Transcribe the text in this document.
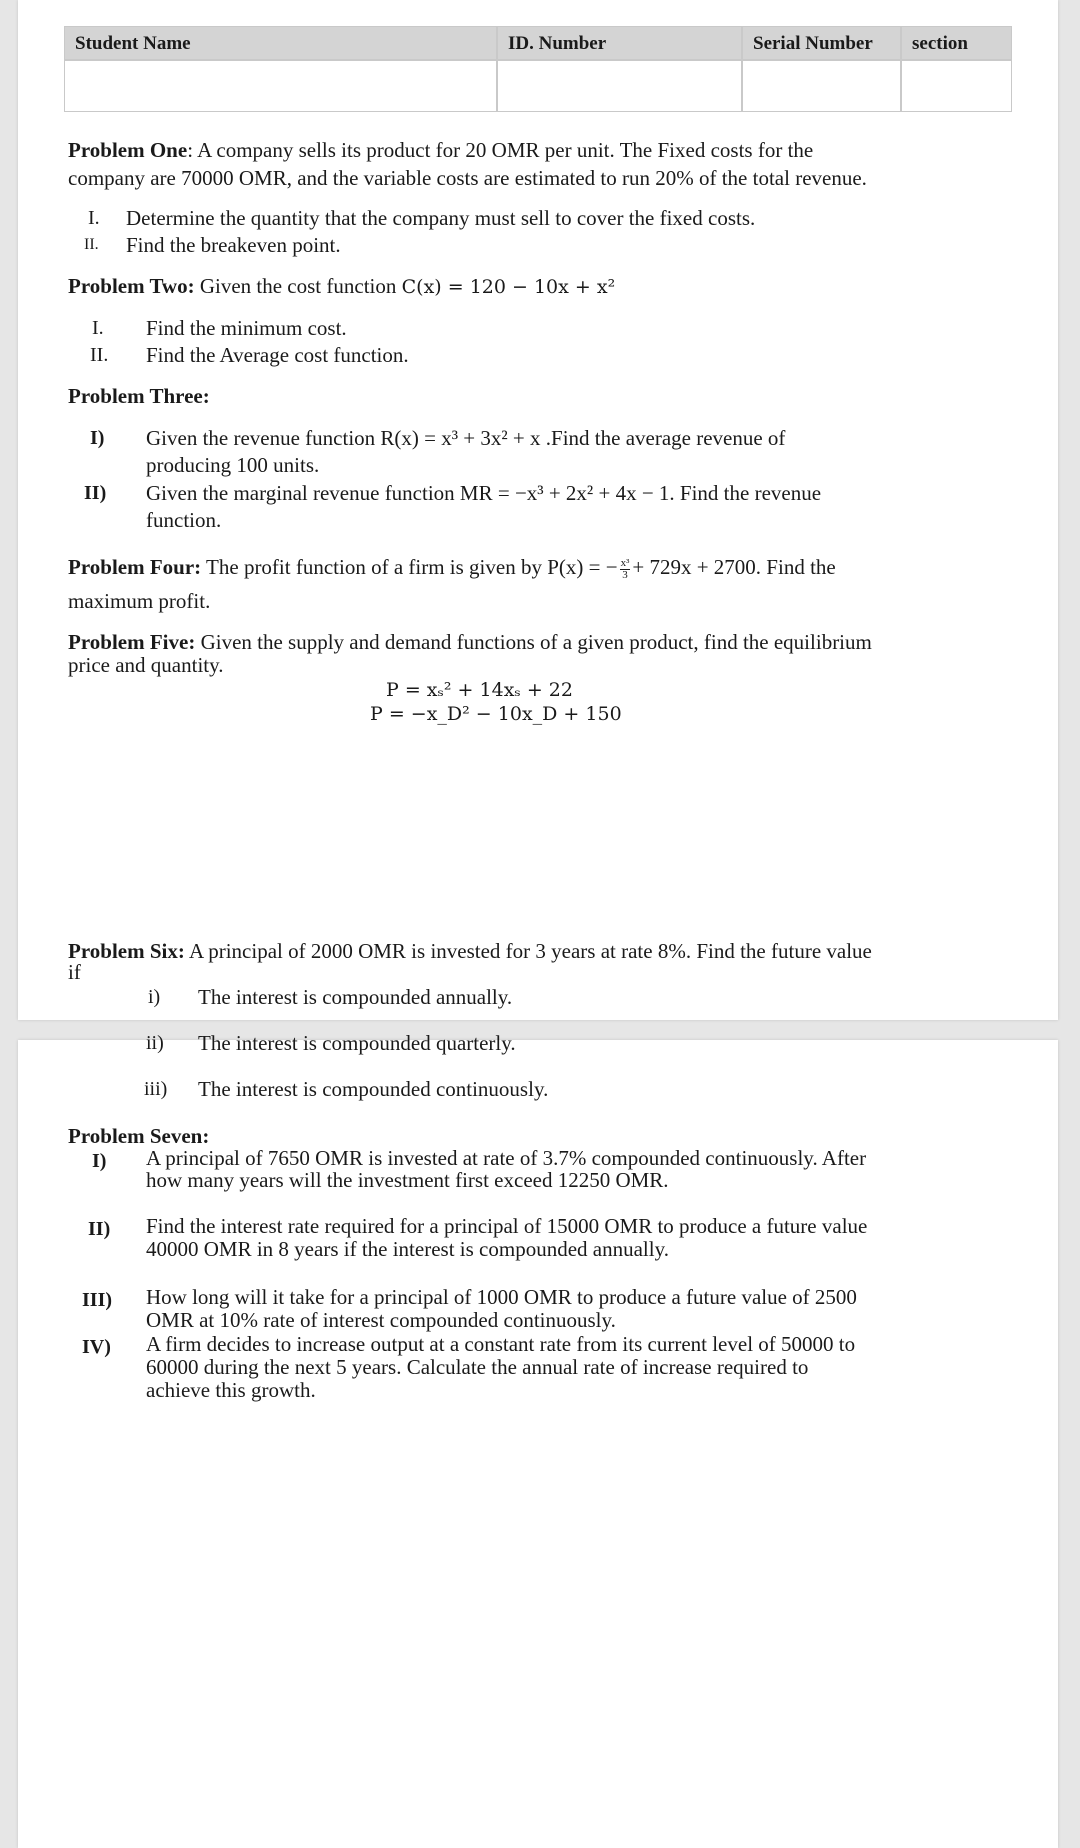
Student Name	ID. Number	Serial Number	section
Problem One: A company sells its product for 20 OMR per unit. The Fixed costs for the
company are 70000 OMR, and the variable costs are estimated to run 20% of the total revenue.
I. Determine the quantity that the company must sell to cover the fixed costs.
II. Find the breakeven point.
Problem Two: Given the cost function C(x) = 120 − 10x + x²
I. Find the minimum cost.
II. Find the Average cost function.
Problem Three:
I) Given the revenue function R(x) = x³ + 3x² + x .Find the average revenue of
producing 100 units.
II) Given the marginal revenue function MR = −x³ + 2x² + 4x − 1. Find the revenue
function.
Problem Four: The profit function of a firm is given by P(x) = − $\frac{\text{x³}}{3} + 729x + 2700$. Find the
maximum profit.
Problem Five: Given the supply and demand functions of a given product, find the equilibrium
price and quantity.
P = xₛ² + 14xₛ + 22
P = −x_D² − 10x_D + 150
Problem Six: A principal of 2000 OMR is invested for 3 years at rate 8%. Find the future value
if
i) The interest is compounded annually.
ii) The interest is compounded quarterly.
iii) The interest is compounded continuously.
Problem Seven:
I) A principal of 7650 OMR is invested at rate of 3.7% compounded continuously. After
how many years will the investment first exceed 12250 OMR.
II) Find the interest rate required for a principal of 15000 OMR to produce a future value
40000 OMR in 8 years if the interest is compounded annually.
III) How long will it take for a principal of 1000 OMR to produce a future value of 2500
OMR at 10% rate of interest compounded continuously.
IV) A firm decides to increase output at a constant rate from its current level of 50000 to
60000 during the next 5 years. Calculate the annual rate of increase required to
achieve this growth.
